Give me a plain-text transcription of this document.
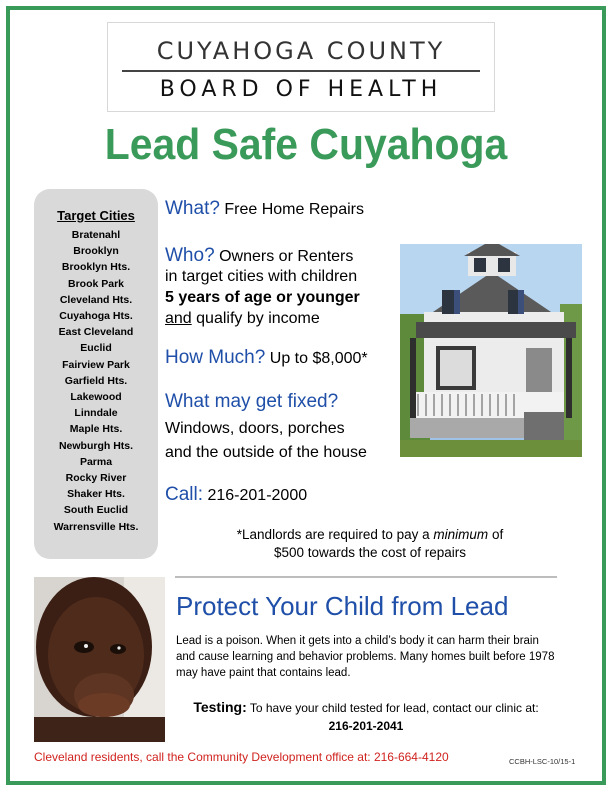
CUYAHOGA COUNTY
BOARD OF HEALTH
Lead Safe Cuyahoga
Target Cities
Bratenahl
Brooklyn
Brooklyn Hts.
Brook Park
Cleveland Hts.
Cuyahoga Hts.
East Cleveland
Euclid
Fairview Park
Garfield Hts.
Lakewood
Linndale
Maple Hts.
Newburgh Hts.
Parma
Rocky River
Shaker Hts.
South Euclid
Warrensville Hts.
What? Free Home Repairs
Who? Owners or Renters
in target cities with children
5 years of age or younger
and qualify by income
How Much? Up to $8,000*
What may get fixed?
Windows, doors, porches
and the outside of the house
Call: 216-201-2000
*Landlords are required to pay a minimum of
$500 towards the cost of repairs
Protect Your Child from Lead
Lead is a poison. When it gets into a child’s body it can harm their brain and cause learning and behavior problems. Many homes built before 1978 may have paint that contains lead.
Testing: To have your child tested for lead, contact our clinic at:
216-201-2041
Cleveland residents, call the Community Development office at: 216-664-4120	CCBH-LSC-10/15-1
